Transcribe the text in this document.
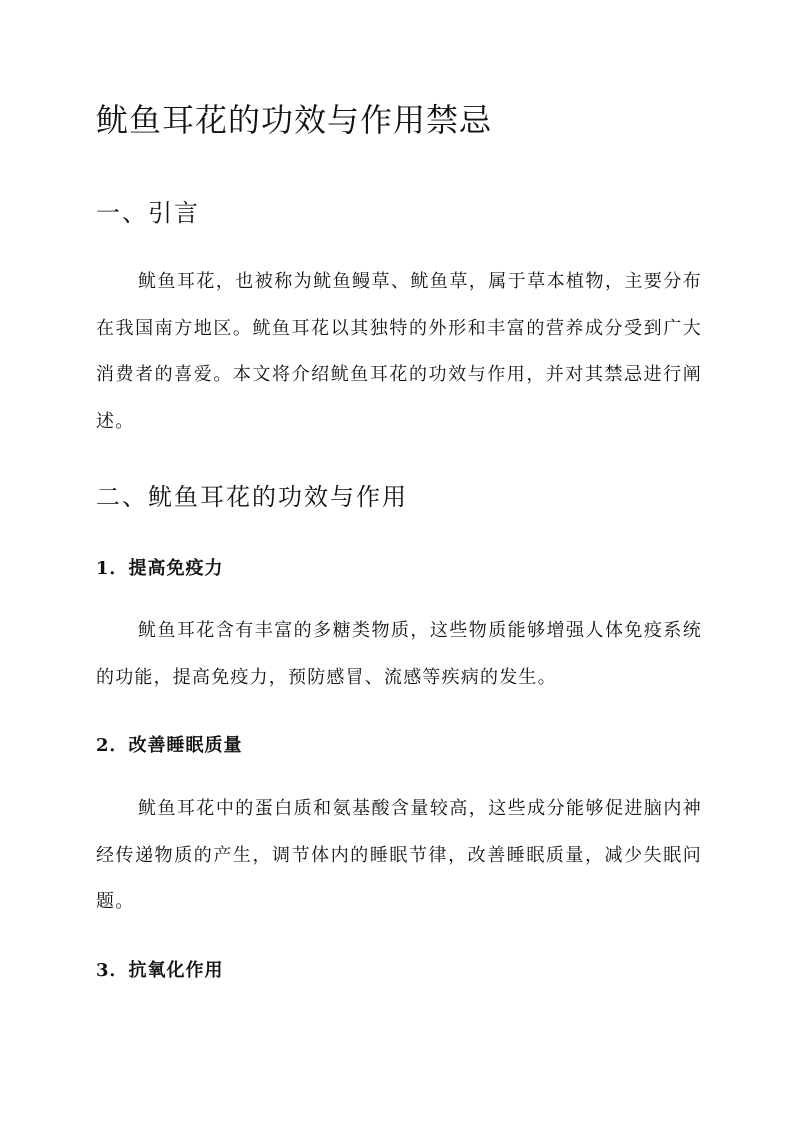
鱿鱼耳花的功效与作用禁忌
一、引言

鱿鱼耳花，也被称为鱿鱼鳗草、鱿鱼草，属于草本植物，主要分布在我国南方地区。鱿鱼耳花以其独特的外形和丰富的营养成分受到广大消费者的喜爱。本文将介绍鱿鱼耳花的功效与作用，并对其禁忌进行阐述。

二、鱿鱼耳花的功效与作用
1．提高免疫力

鱿鱼耳花含有丰富的多糖类物质，这些物质能够增强人体免疫系统的功能，提高免疫力，预防感冒、流感等疾病的发生。

2．改善睡眠质量

鱿鱼耳花中的蛋白质和氨基酸含量较高，这些成分能够促进脑内神经传递物质的产生，调节体内的睡眠节律，改善睡眠质量，减少失眠问题。

3．抗氧化作用
